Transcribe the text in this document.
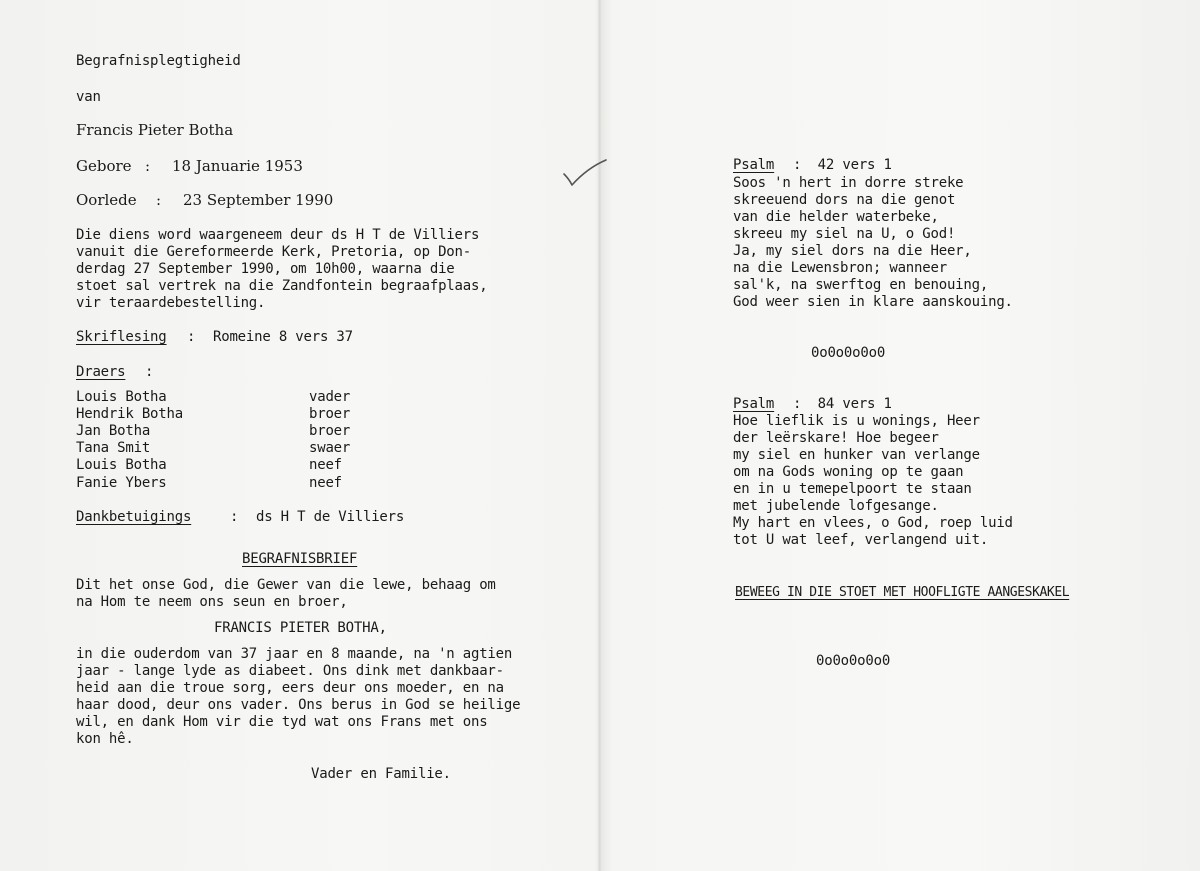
Begrafnisplegtigheid
van
Francis Pieter Botha
Gebore : 18 Januarie 1953
Oorlede : 23 September 1990
Die diens word waargeneem deur ds H T de Villiers
vanuit die Gereformeerde Kerk, Pretoria, op Don-
derdag 27 September 1990, om 10h00, waarna die
stoet sal vertrek na die Zandfontein begraafplaas,
vir teraardebestelling.
Skriflesing : Romeine 8 vers 37
Draers :
Louis Botha	vader
Hendrik Botha	broer
Jan Botha	broer
Tana Smit	swaer
Louis Botha	neef
Fanie Ybers	neef
Dankbetuigings	: ds H T de Villiers
BEGRAFNISBRIEF
Dit het onse God, die Gewer van die lewe, behaag om
na Hom te neem ons seun en broer,
FRANCIS PIETER BOTHA,
in die ouderdom van 37 jaar en 8 maande, na 'n agtien
jaar - lange lyde as diabeet. Ons dink met dankbaar-
heid aan die troue sorg, eers deur ons moeder, en na
haar dood, deur ons vader. Ons berus in God se heilige
wil, en dank Hom vir die tyd wat ons Frans met ons
kon hê.
Vader en Familie.
Psalm :  42 vers 1
Soos 'n hert in dorre streke
skreeuend dors na die genot
van die helder waterbeke,
skreeu my siel na U, o God!
Ja, my siel dors na die Heer,
na die Lewensbron; wanneer
sal'k, na swerftog en benouing,
God weer sien in klare aanskouing.
0o0o0o0o0
Psalm :  84 vers 1
Hoe lieflik is u wonings, Heer
der leërskare! Hoe begeer
my siel en hunker van verlange
om na Gods woning op te gaan
en in u temepelpoort te staan
met jubelende lofgesange.
My hart en vlees, o God, roep luid
tot U wat leef, verlangend uit.
BEWEEG IN DIE STOET MET HOOFLIGTE AANGESKAKEL
0o0o0o0o0
